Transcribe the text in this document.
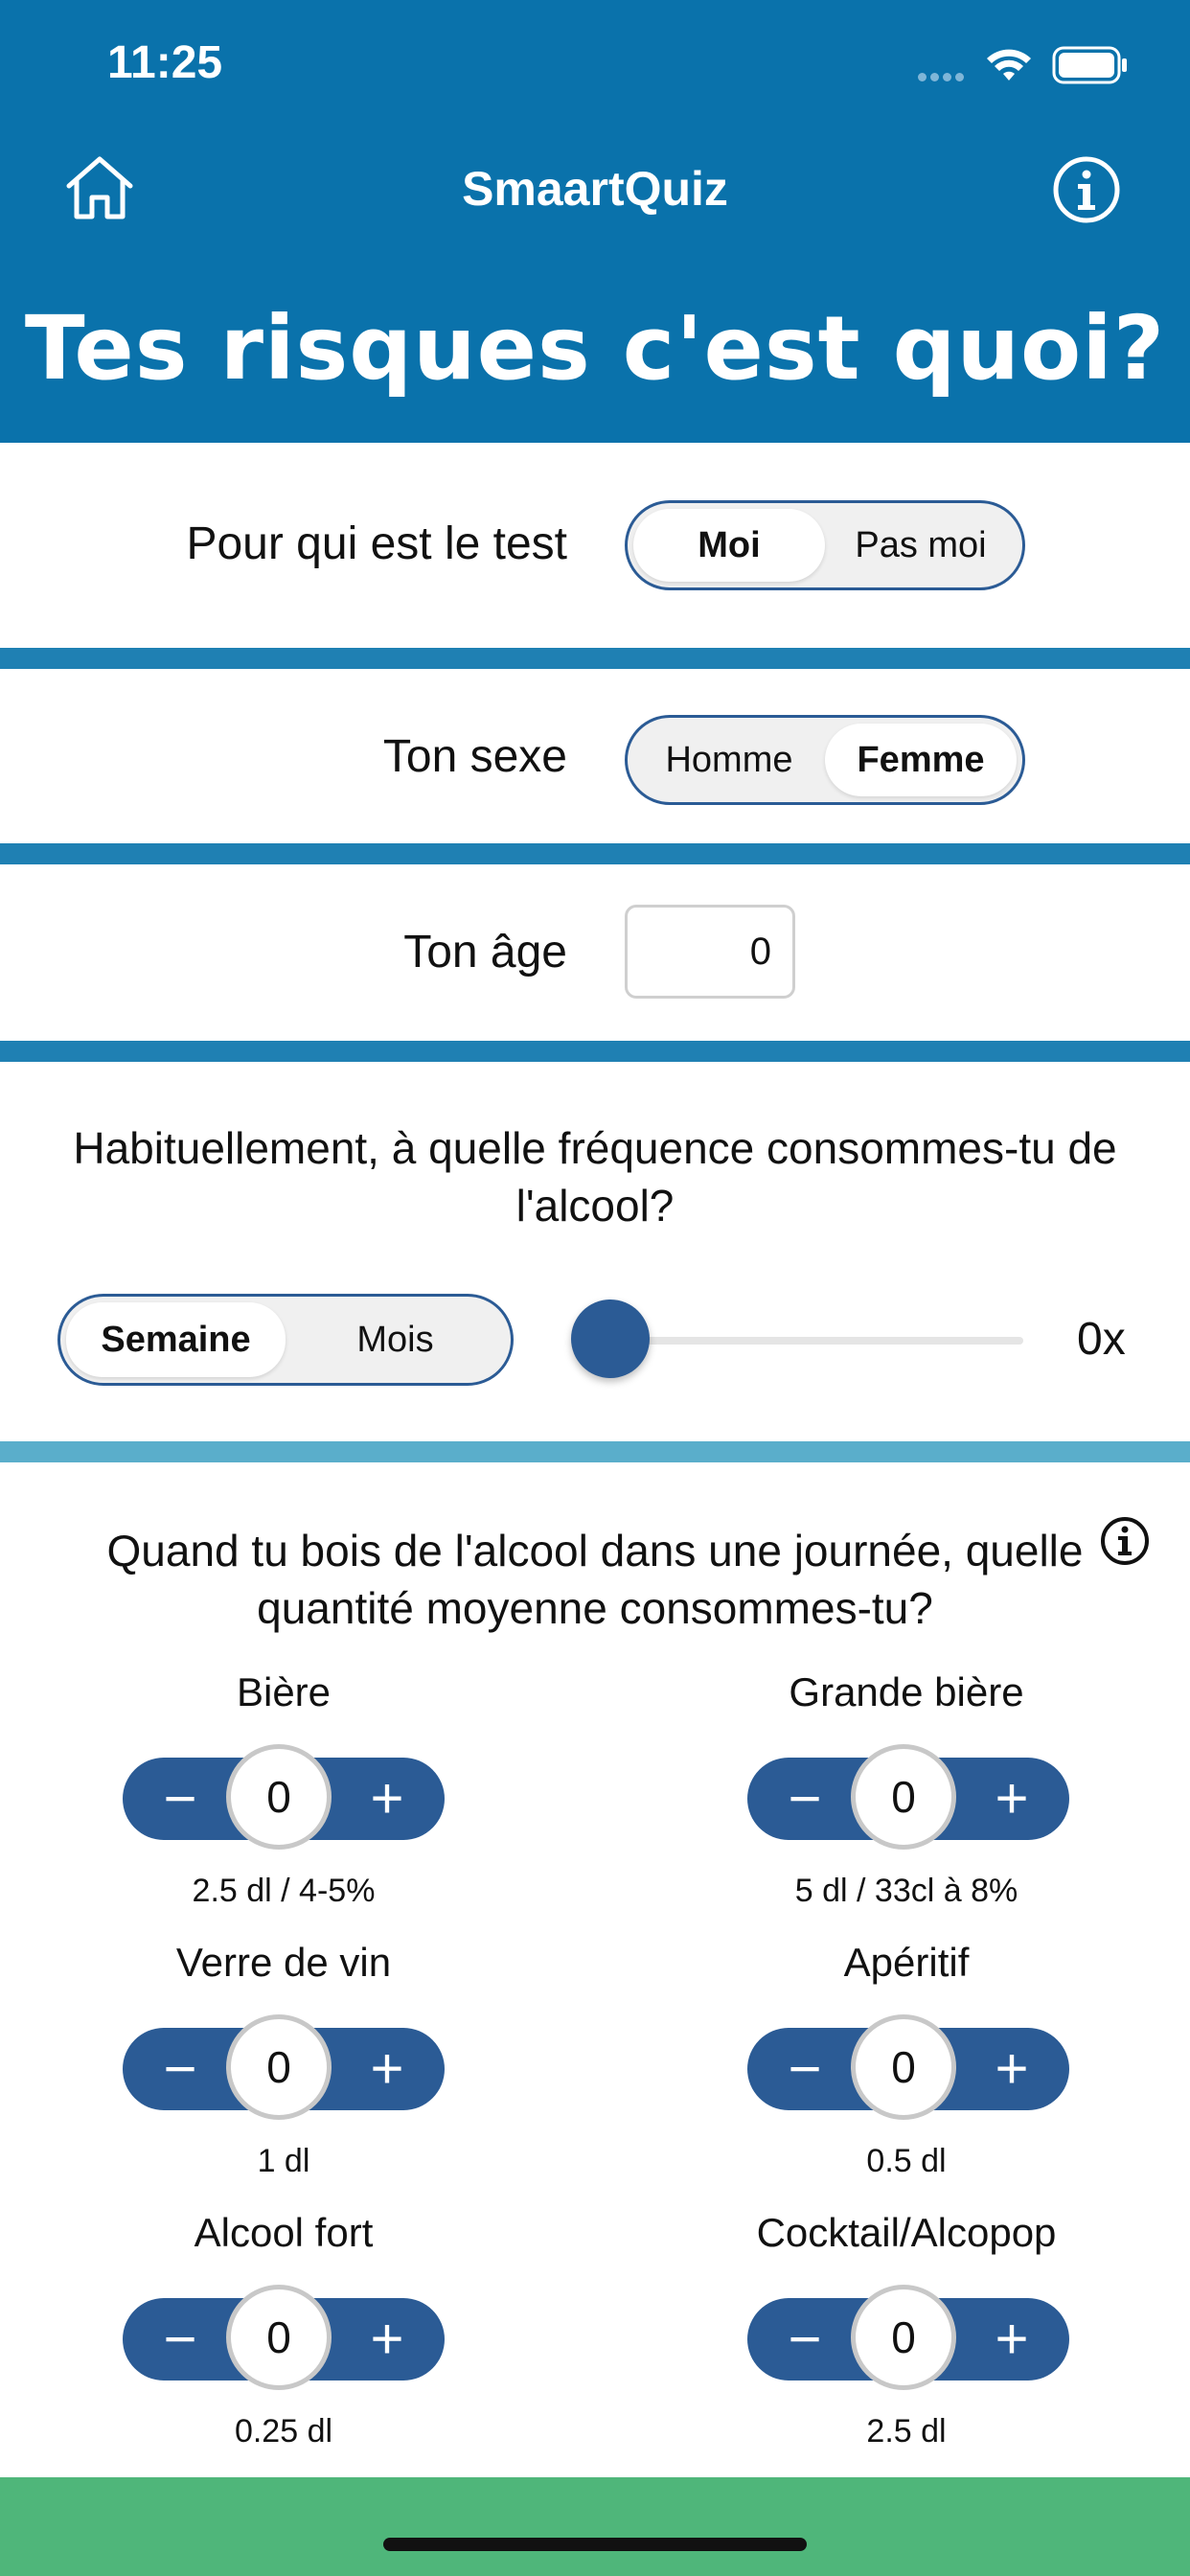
11:25
SmaartQuiz
Tes risques c'est quoi?
Pour qui est le test	Moi	Pas moi
Ton sexe	Homme	Femme
Ton âge	0
Habituellement, à quelle fréquence consommes-tu de l'alcool?
Semaine	Mois	0x
Quand tu bois de l'alcool dans une journée, quelle quantité moyenne consommes-tu?
Bière
−	0	+
2.5 dl / 4-5%
Grande bière
−	0	+
5 dl / 33cl à 8%
Verre de vin
−	0	+
1 dl
Apéritif
−	0	+
0.5 dl
Alcool fort
−	0	+
0.25 dl
Cocktail/Alcopop
−	0	+
2.5 dl
